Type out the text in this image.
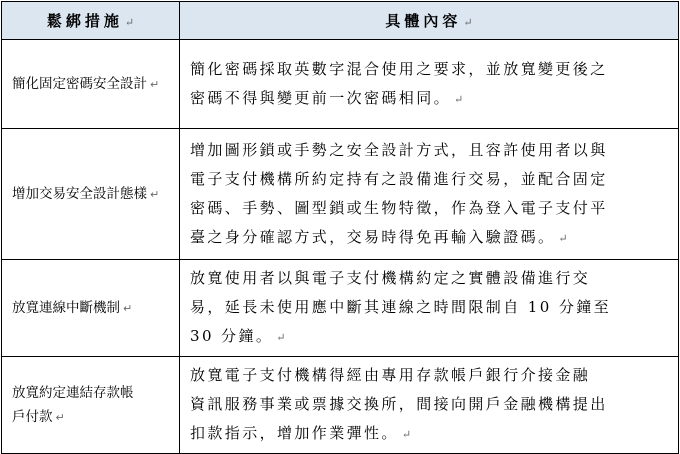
鬆綁措施 ↵	具體內容 ↵
簡化固定密碼安全設計 ↵	簡化密碼採取英數字混合使用之要求，並放寬變更後之
密碼不得與變更前一次密碼相同。 ↵

增加交易安全設計態樣 ↵	增加圖形鎖或手勢之安全設計方式，且容許使用者以與
電子支付機構所約定持有之設備進行交易，並配合固定
密碼、手勢、圖型鎖或生物特徵，作為登入電子支付平
臺之身分確認方式，交易時得免再輸入驗證碼。 ↵

放寬連線中斷機制 ↵	放寬使用者以與電子支付機構約定之實體設備進行交
易，延長未使用應中斷其連線之時間限制自 10 分鐘至
30 分鐘。 ↵

放寬約定連結存款帳
戶付款 ↵	放寬電子支付機構得經由專用存款帳戶銀行介接金融
資訊服務事業或票據交換所，間接向開戶金融機構提出
扣款指示，增加作業彈性。 ↵
